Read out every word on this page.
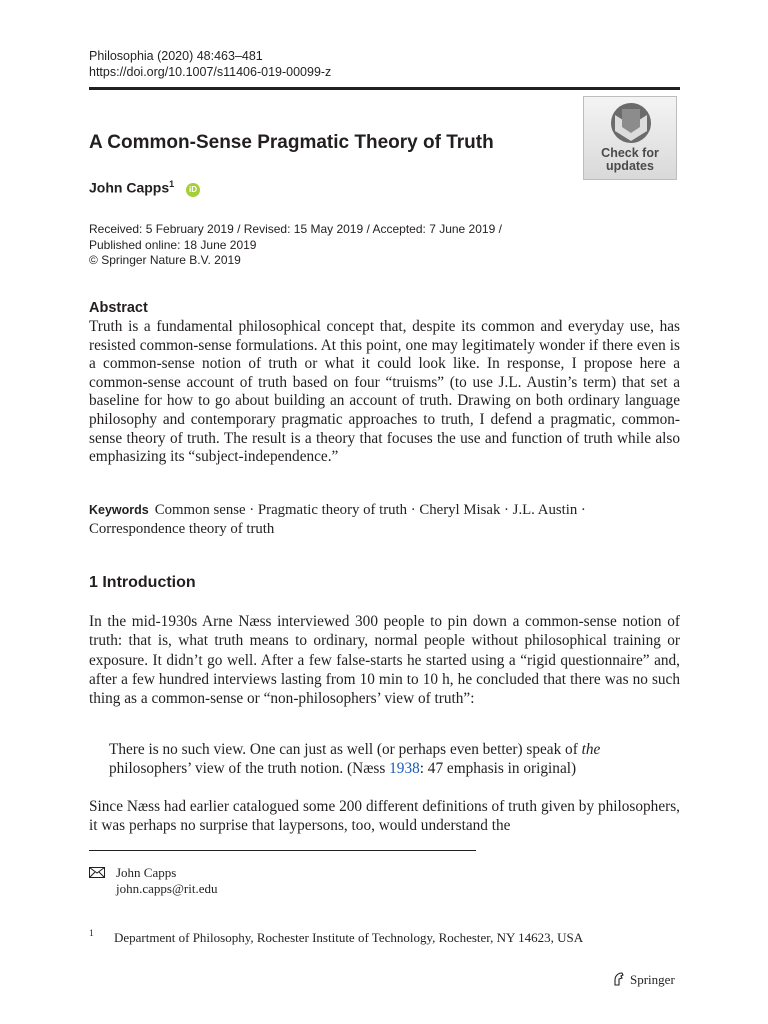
Philosophia (2020) 48:463–481
https://doi.org/10.1007/s11406-019-00099-z
Check for
updates
A Common-Sense Pragmatic Theory of Truth
John Capps$^1$
iD
Received: 5 February 2019 / Revised: 15 May 2019 / Accepted: 7 June 2019 /
Published online: 18 June 2019
© Springer Nature B.V. 2019
Abstract
Truth is a fundamental philosophical concept that, despite its common and everyday use, has resisted common-sense formulations. At this point, one may legitimately wonder if there even is a common-sense notion of truth or what it could look like. In response, I propose here a common-sense account of truth based on four “truisms” (to use J.L. Austin’s term) that set a baseline for how to go about building an account of truth. Drawing on both ordinary language philosophy and contemporary pragmatic approaches to truth, I defend a pragmatic, common-sense theory of truth. The result is a theory that focuses the use and function of truth while also emphasizing its “subject-independence.”
Keywords Common sense · Pragmatic theory of truth · Cheryl Misak · J.L. Austin · Correspondence theory of truth
1 Introduction
In the mid-1930s Arne Næss interviewed 300 people to pin down a common-sense notion of truth: that is, what truth means to ordinary, normal people without philosophical training or exposure. It didn’t go well. After a few false-starts he started using a “rigid questionnaire” and, after a few hundred interviews lasting from 10 min to 10 h, he concluded that there was no such thing as a common-sense or “non-philosophers’ view of truth”:
There is no such view. One can just as well (or perhaps even better) speak of the philosophers’ view of the truth notion. (Næss 1938: 47 emphasis in original)
Since Næss had earlier catalogued some 200 different definitions of truth given by philosophers, it was perhaps no surprise that laypersons, too, would understand the
John Capps
john.capps@rit.edu
1 Department of Philosophy, Rochester Institute of Technology, Rochester, NY 14623, USA
Springer
